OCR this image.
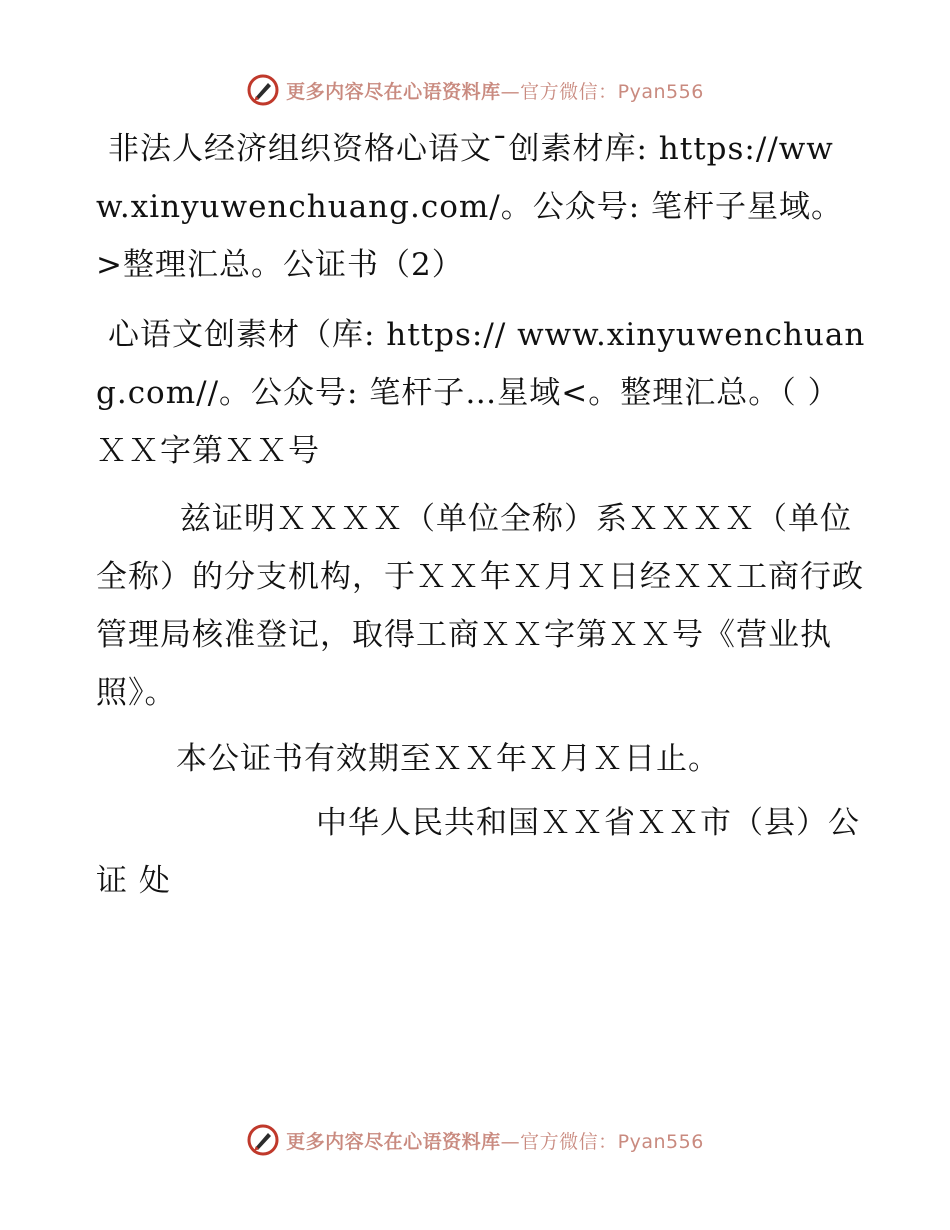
更多内容尽在心语资料库—官方微信：Pyan556

非法人经济组织资格心语文¯创素材库: https://www.xinyuwenchuang.com/。公众号: 笔杆子星域。>整理汇总。公证书（2）

心语文创素材（库: https:// www.xinyuwenchuang.com//。公众号: 笔杆子…星域<。整理汇总。（ ）ＸＸ字第ＸＸ号

兹证明ＸＸＸＸ（单位全称）系ＸＸＸＸ（单位全称）的分支机构，于ＸＸ年Ｘ月Ｘ日经ＸＸ工商行政管理局核准登记，取得工商ＸＸ字第ＸＸ号《营业执照》。

本公证书有效期至ＸＸ年Ｘ月Ｘ日止。

中华人民共和国ＸＸ省ＸＸ市（县）公证 处

更多内容尽在心语资料库—官方微信：Pyan556
